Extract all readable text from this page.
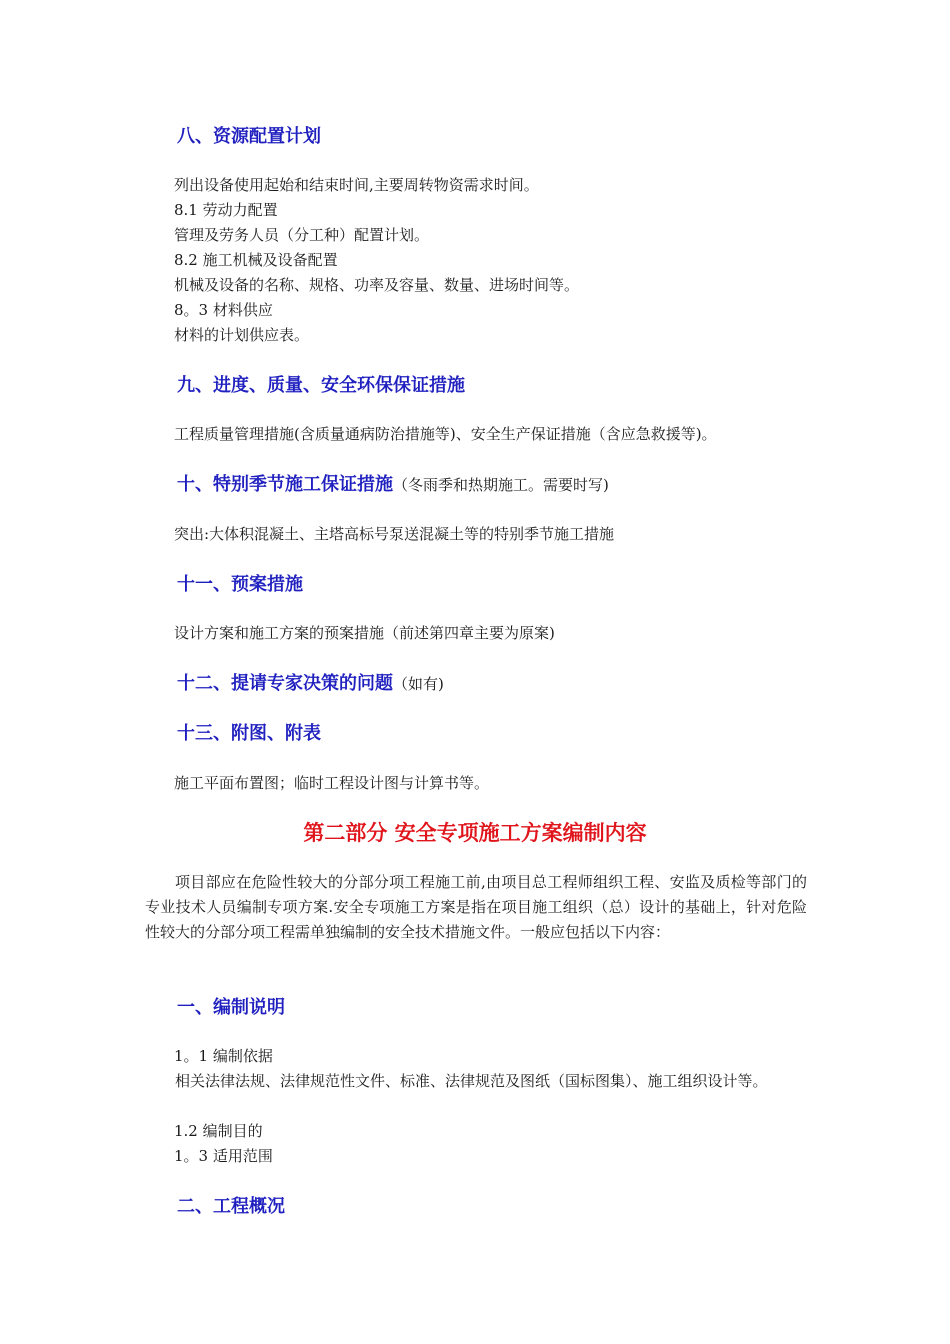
八、资源配置计划
列出设备使用起始和结束时间,主要周转物资需求时间。
8.1 劳动力配置
管理及劳务人员（分工种）配置计划。
8.2 施工机械及设备配置
机械及设备的名称、规格、功率及容量、数量、进场时间等。
8。3 材料供应
材料的计划供应表。
九、进度、质量、安全环保保证措施
工程质量管理措施(含质量通病防治措施等)、安全生产保证措施（含应急救援等)。
十、特别季节施工保证措施（冬雨季和热期施工。需要时写)
突出:大体积混凝土、主塔高标号泵送混凝土等的特别季节施工措施
十一、预案措施
设计方案和施工方案的预案措施（前述第四章主要为原案)
十二、提请专家决策的问题（如有)
十三、附图、附表
施工平面布置图；临时工程设计图与计算书等。
第二部分 安全专项施工方案编制内容
项目部应在危险性较大的分部分项工程施工前,由项目总工程师组织工程、安监及质检等部门的专业技术人员编制专项方案.安全专项施工方案是指在项目施工组织（总）设计的基础上，针对危险性较大的分部分项工程需单独编制的安全技术措施文件。一般应包括以下内容：
一、编制说明
1。1 编制依据
相关法律法规、法律规范性文件、标准、法律规范及图纸（国标图集）、施工组织设计等。
1.2 编制目的
1。3 适用范围
二、工程概况
